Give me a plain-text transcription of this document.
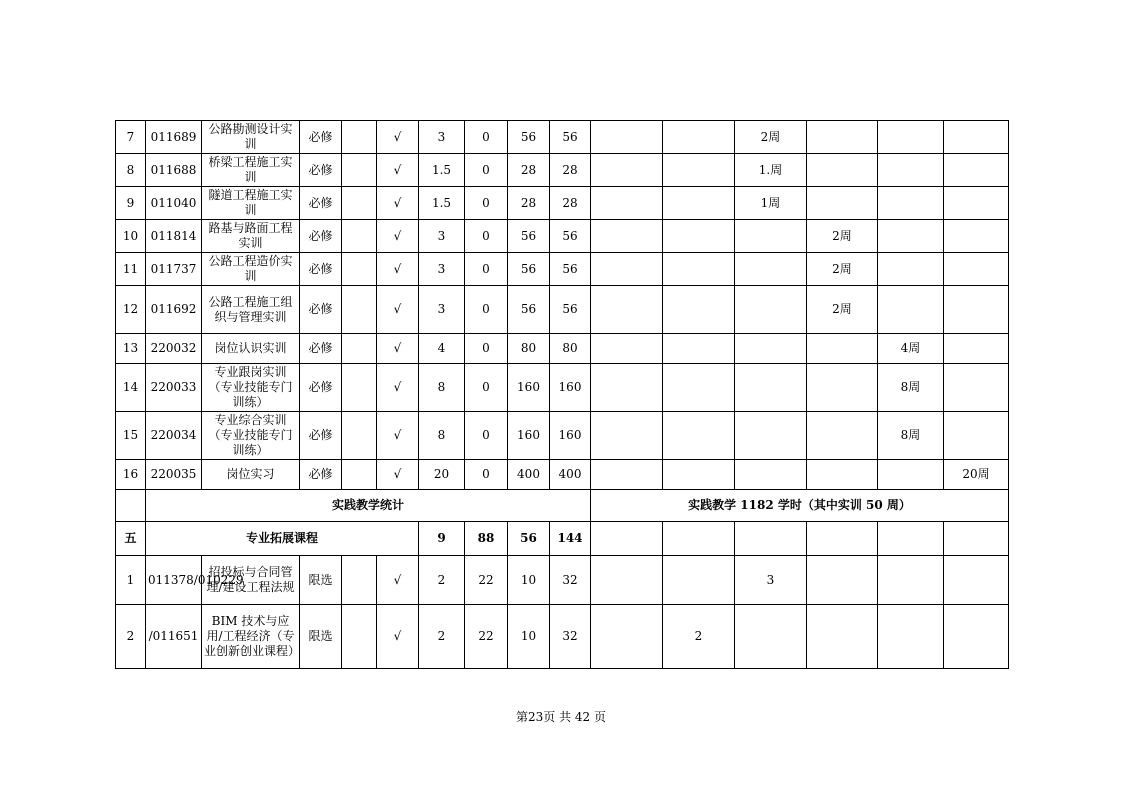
7	011689	公路勘测设计实训	必修		√	3	0	56	56			2周			
8	011688	桥梁工程施工实训	必修		√	1.5	0	28	28			1.周			
9	011040	隧道工程施工实训	必修		√	1.5	0	28	28			1周			
10	011814	路基与路面工程实训	必修		√	3	0	56	56				2周		
11	011737	公路工程造价实训	必修		√	3	0	56	56				2周		
12	011692	公路工程施工组织与管理实训	必修		√	3	0	56	56				2周		
13	220032	岗位认识实训	必修		√	4	0	80	80					4周	
14	220033	专业跟岗实训（专业技能专门训练）	必修		√	8	0	160	160					8周	
15	220034	专业综合实训（专业技能专门训练）	必修		√	8	0	160	160					8周	
16	220035	岗位实习	必修		√	20	0	400	400						20周
	实践教学统计									实践教学 1182 学时（其中实训 50 周）					
五	专业拓展课程					9	88	56	144						
1	011378/010229	招投标与合同管理/建设工程法规	限选		√	2	22	10	32			3			
2	/011651	BIM 技术与应用/工程经济（专业创新创业课程）	限选		√	2	22	10	32		2				
第23页 共 42 页
